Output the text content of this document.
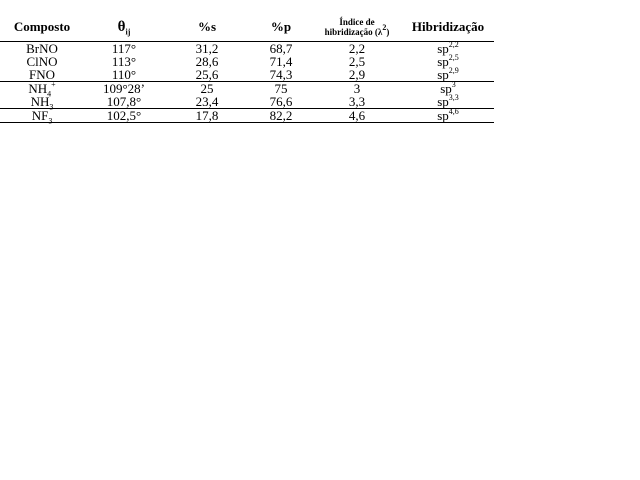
Composto	$\theta_{ij}$	%s	%p	Índice de
hibridização $(\lambda^2)$	Hibridização
BrNO	117°	31,2	68,7	2,2	sp$^{2,2}$
ClNO	113°	28,6	71,4	2,5	sp$^{2,5}$
FNO	110°	25,6	74,3	2,9	sp$^{2,9}$
$NH_4^+$	109°28’	25	75	3	$sp^3$
$NH_3$	107,8°	23,4	76,6	3,3	sp$^{3,3}$
$NF_3$	102,5°	17,8	82,2	4,6	sp$^{4,6}$
